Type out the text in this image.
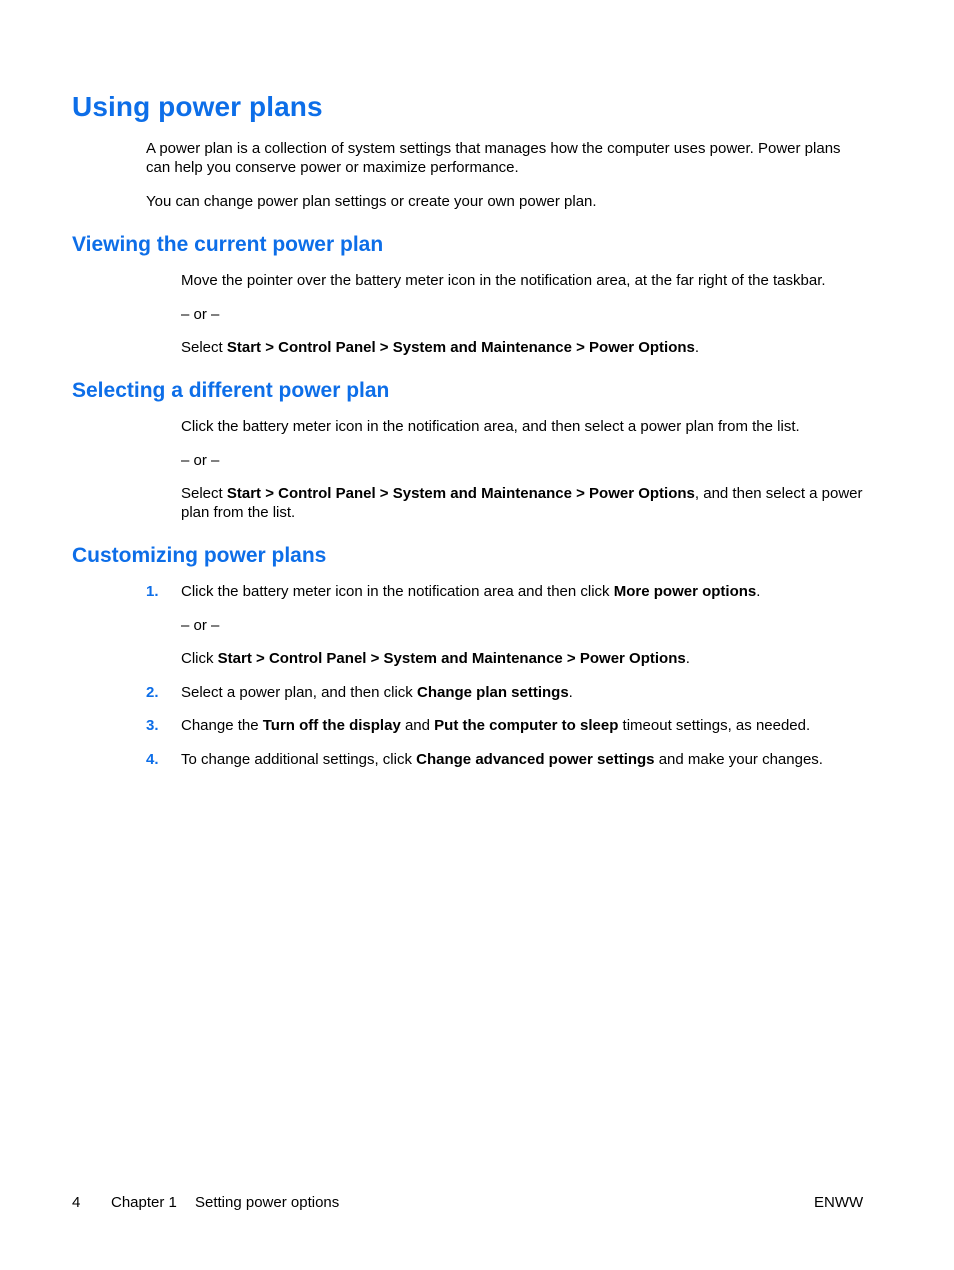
Using power plans

A power plan is a collection of system settings that manages how the computer uses power. Power plans can help you conserve power or maximize performance.

You can change power plan settings or create your own power plan.

Viewing the current power plan

Move the pointer over the battery meter icon in the notification area, at the far right of the taskbar.

– or –

Select Start > Control Panel > System and Maintenance > Power Options.

Selecting a different power plan

Click the battery meter icon in the notification area, and then select a power plan from the list.

– or –

Select Start > Control Panel > System and Maintenance > Power Options, and then select a power plan from the list.

Customizing power plans
1. Click the battery meter icon in the notification area and then click More power options.

– or –

Click Start > Control Panel > System and Maintenance > Power Options.

2. Select a power plan, and then click Change plan settings.

3. Change the Turn off the display and Put the computer to sleep timeout settings, as needed.

4. To change additional settings, click Change advanced power settings and make your changes.

4 Chapter 1 Setting power options	ENWW
